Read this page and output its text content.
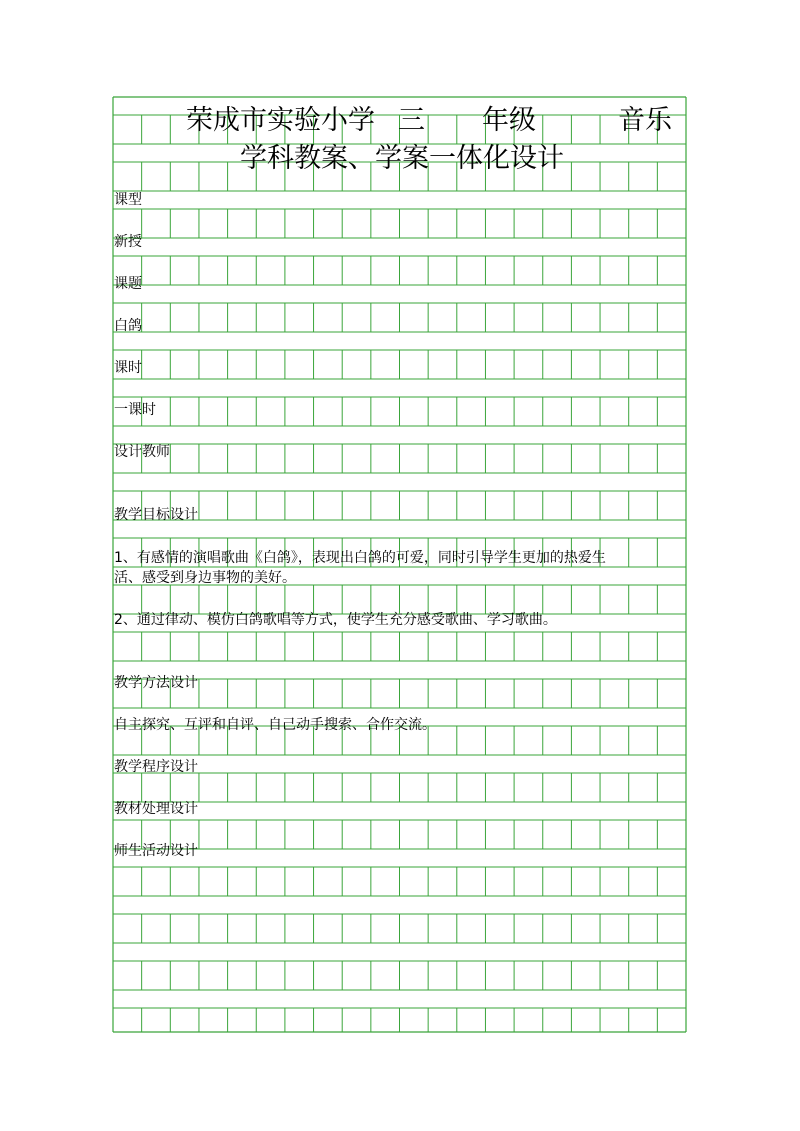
荣成市实验小学 三 年级	音乐
学科教案、学案一体化设计
课型
新授
课题
白鸽
课时
一课时
设计教师
教学目标设计
1、有感情的演唱歌曲《白鸽》，表现出白鸽的可爱，同时引导学生更加的热爱生
活、感受到身边事物的美好。
2、通过律动、模仿白鸽歌唱等方式，使学生充分感受歌曲、学习歌曲。
教学方法设计
自主探究、互评和自评、自己动手搜索、合作交流。
教学程序设计
教材处理设计
师生活动设计
